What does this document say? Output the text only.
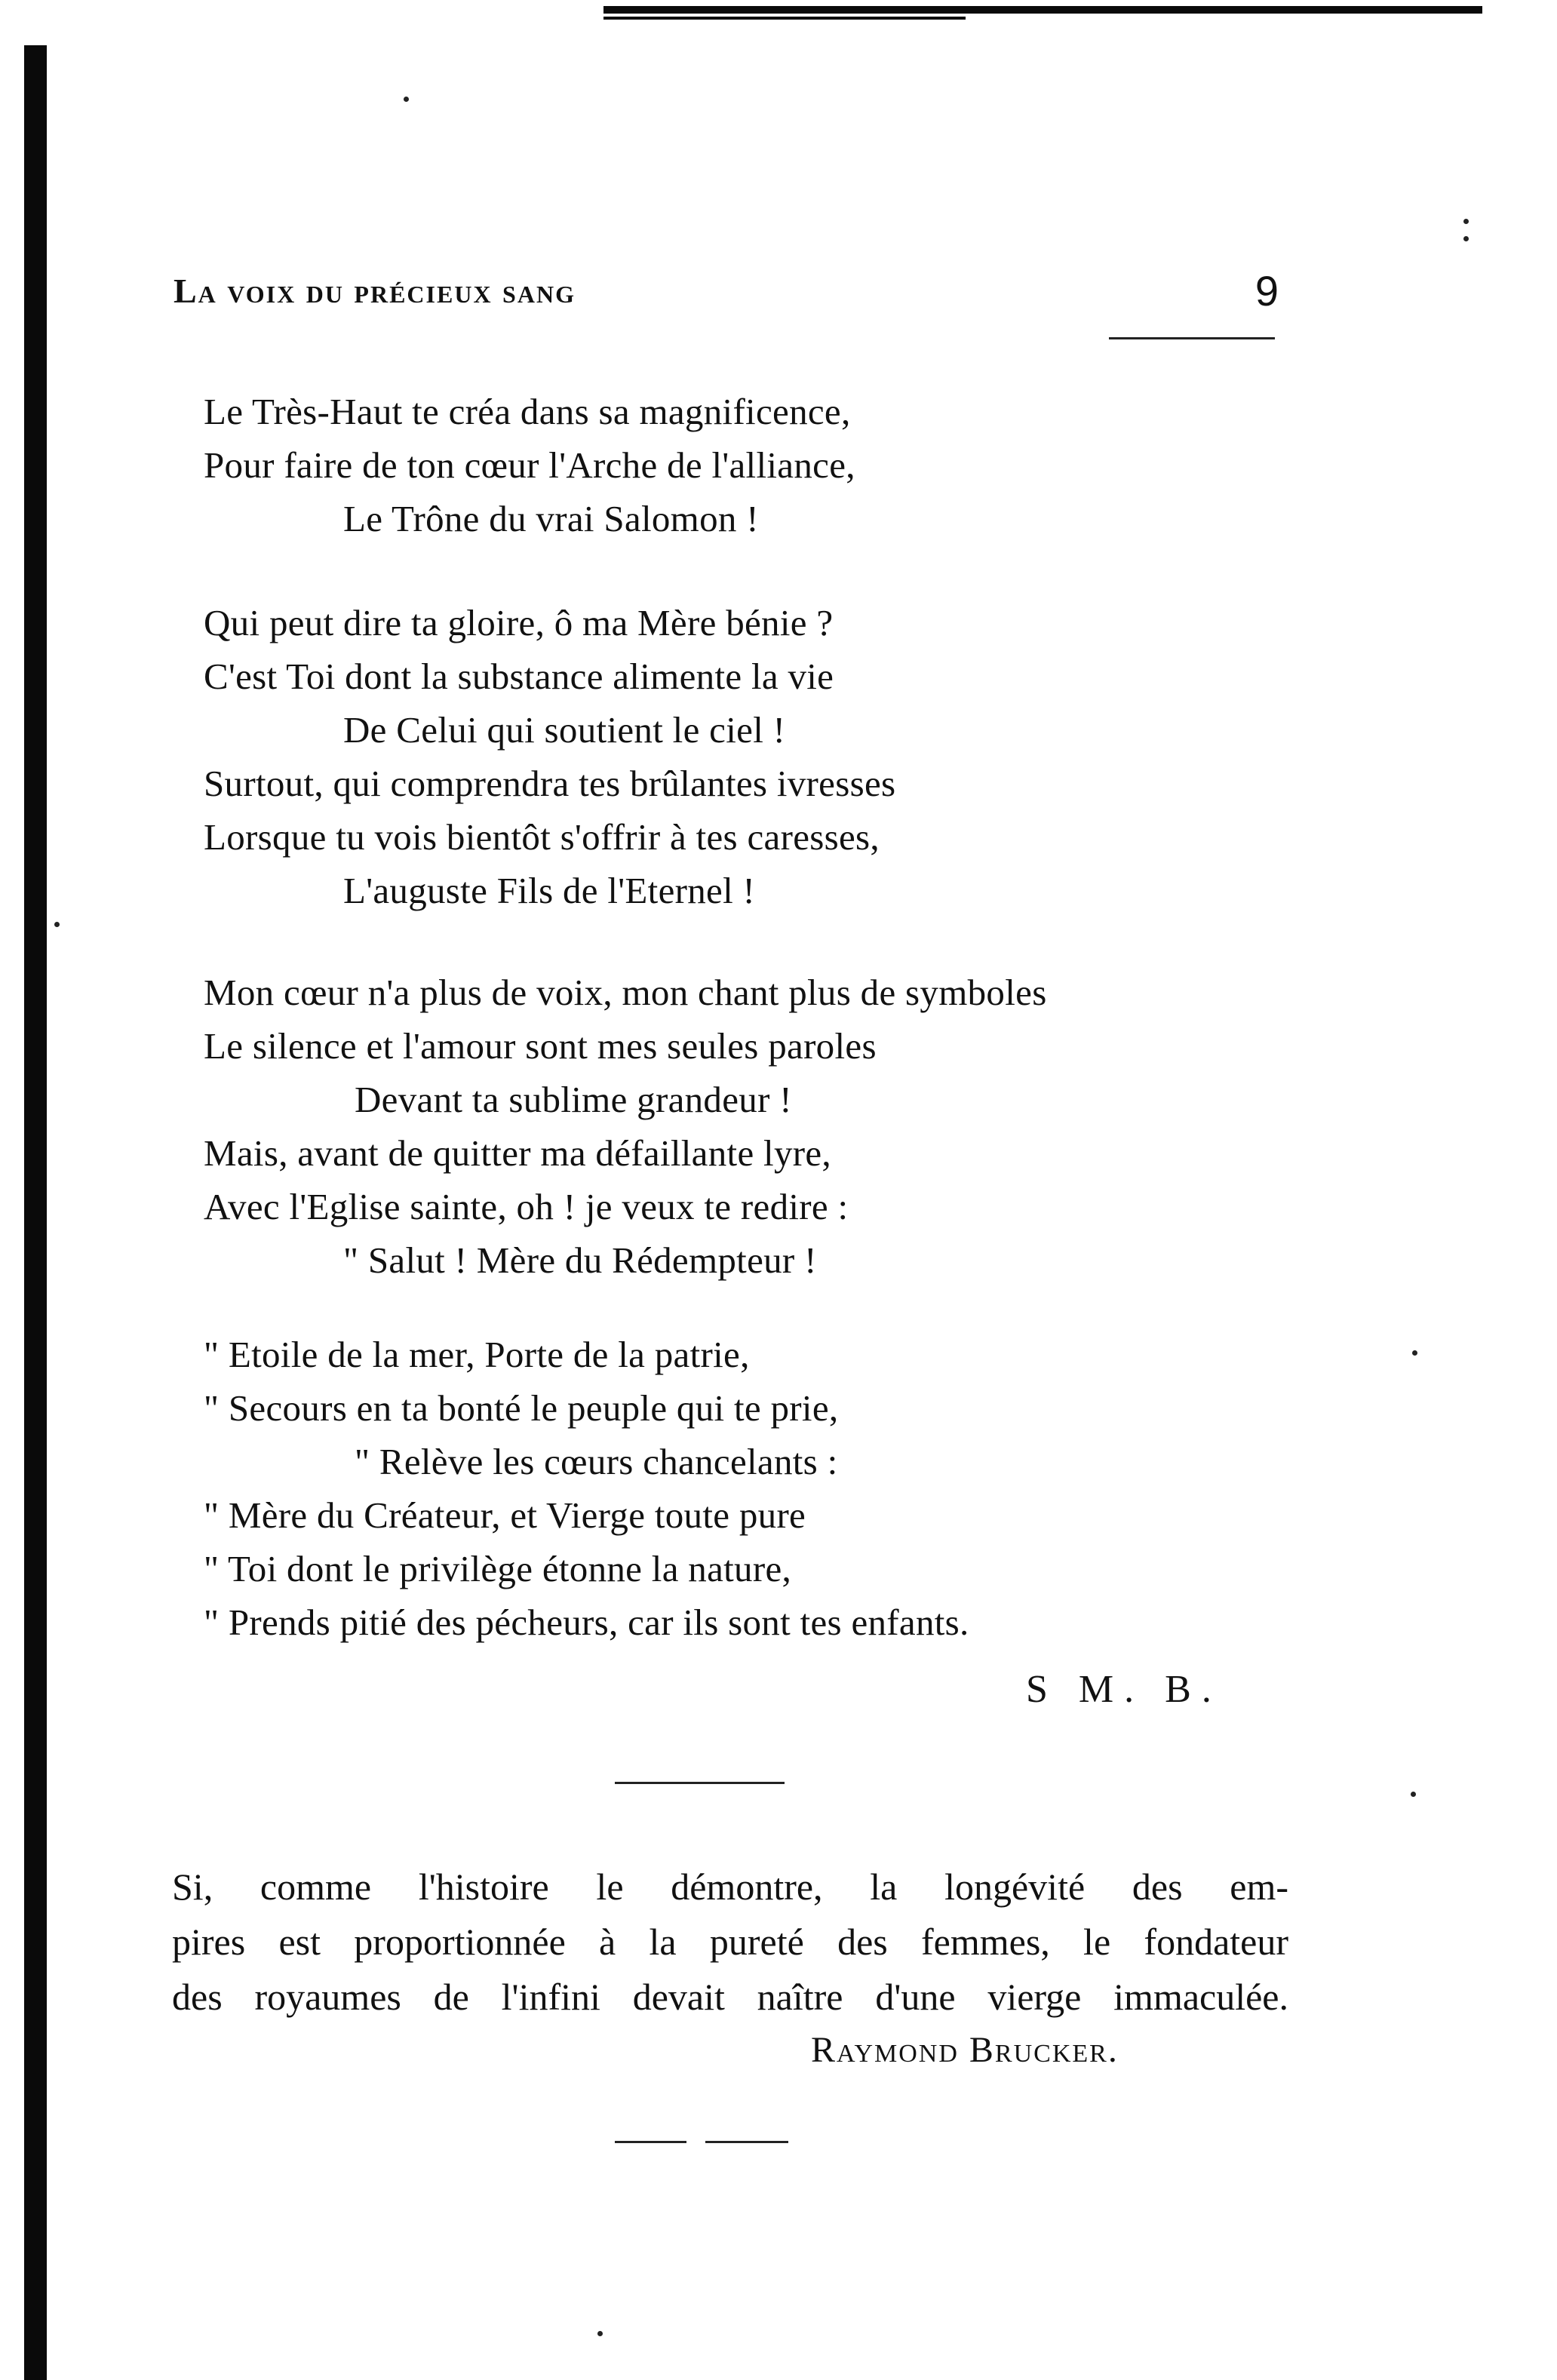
La voix du précieux sang	9
Le Très-Haut te créa dans sa magnificence,
Pour faire de ton cœur l'Arche de l'alliance,
Le Trône du vrai Salomon !
Qui peut dire ta gloire, ô ma Mère bénie ?
C'est Toi dont la substance alimente la vie
De Celui qui soutient le ciel !
Surtout, qui comprendra tes brûlantes ivresses
Lorsque tu vois bientôt s'offrir à tes caresses,
L'auguste Fils de l'Eternel !
Mon cœur n'a plus de voix, mon chant plus de symboles
Le silence et l'amour sont mes seules paroles
Devant ta sublime grandeur !
Mais, avant de quitter ma défaillante lyre,
Avec l'Eglise sainte, oh ! je veux te redire :
" Salut ! Mère du Rédempteur !
" Etoile de la mer, Porte de la patrie,
" Secours en ta bonté le peuple qui te prie,
" Relève les cœurs chancelants :
" Mère du Créateur, et Vierge toute pure
" Toi dont le privilège étonne la nature,
" Prends pitié des pécheurs, car ils sont tes enfants.
S M. B.
Si, comme l'histoire le démontre, la longévité des em-
pires est proportionnée à la pureté des femmes, le fondateur
des royaumes de l'infini devait naître d'une vierge immaculée.
Raymond Brucker.
